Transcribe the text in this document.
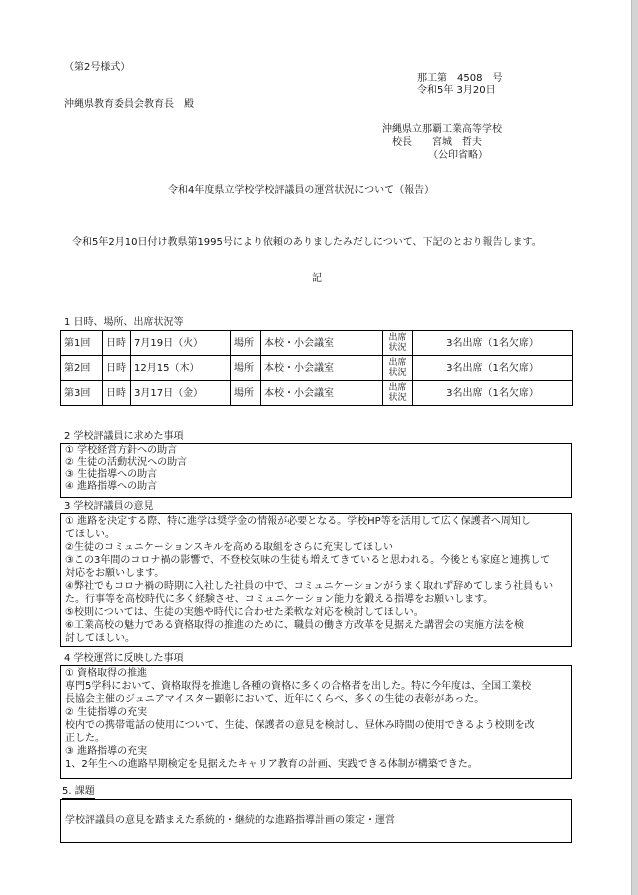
（第2号様式）
那工第　4508　号
令和5年 3月20日
沖縄県教育委員会教育長　殿
沖縄県立那覇工業高等学校
校長　　宮城　哲夫
（公印省略）
令和4年度県立学校学校評議員の運営状況について（報告）
令和5年2月10日付け教県第1995号により依頼のありましたみだしについて、下記のとおり報告します。
記
1 日時、場所、出席状況等
第1回	日時	7月19日（火）	場所	本校・小会議室	出席状況	3名出席（1名欠席）
第2回	日時	12月15（木）	場所	本校・小会議室	出席状況	3名出席（1名欠席）
第3回	日時	3月17日（金）	場所	本校・小会議室	出席状況	3名出席（1名欠席）
2 学校評議員に求めた事項
① 学校経営方針への助言
② 生徒の活動状況への助言
③ 生徒指導への助言
④ 進路指導への助言
3 学校評議員の意見
① 進路を決定する際、特に進学は奨学金の情報が必要となる。学校HP等を活用して広く保護者へ周知し
てほしい。
②生徒のコミュニケーションスキルを高める取組をさらに充実してほしい
③この3年間のコロナ禍の影響で、不登校気味の生徒も増えてきていると思われる。今後とも家庭と連携して
対応をお願いします。
④弊社でもコロナ禍の時期に入社した社員の中で、コミュニケーションがうまく取れず辞めてしまう社員もい
た。行事等を高校時代に多く経験させ、コミュニケーション能力を鍛える指導をお願いします。
⑤校則については、生徒の実態や時代に合わせた柔軟な対応を検討してほしい。
⑥工業高校の魅力である資格取得の推進のために、職員の働き方改革を見据えた講習会の実施方法を検
討してほしい。
4 学校運営に反映した事項
① 資格取得の推進
専門5学科において、資格取得を推進し各種の資格に多くの合格者を出した。特に今年度は、全国工業校
長協会主催のジュニアマイスター顕彰において、近年にくらべ、多くの生徒の表彰があった。
② 生徒指導の充実
校内での携帯電話の使用について、生徒、保護者の意見を検討し、昼休み時間の使用できるよう校則を改
正した。
③ 進路指導の充実
1、2年生への進路早期検定を見据えたキャリア教育の計画、実践できる体制が構築できた。
5. 課題
学校評議員の意見を踏まえた系統的・継続的な進路指導計画の策定・運営
